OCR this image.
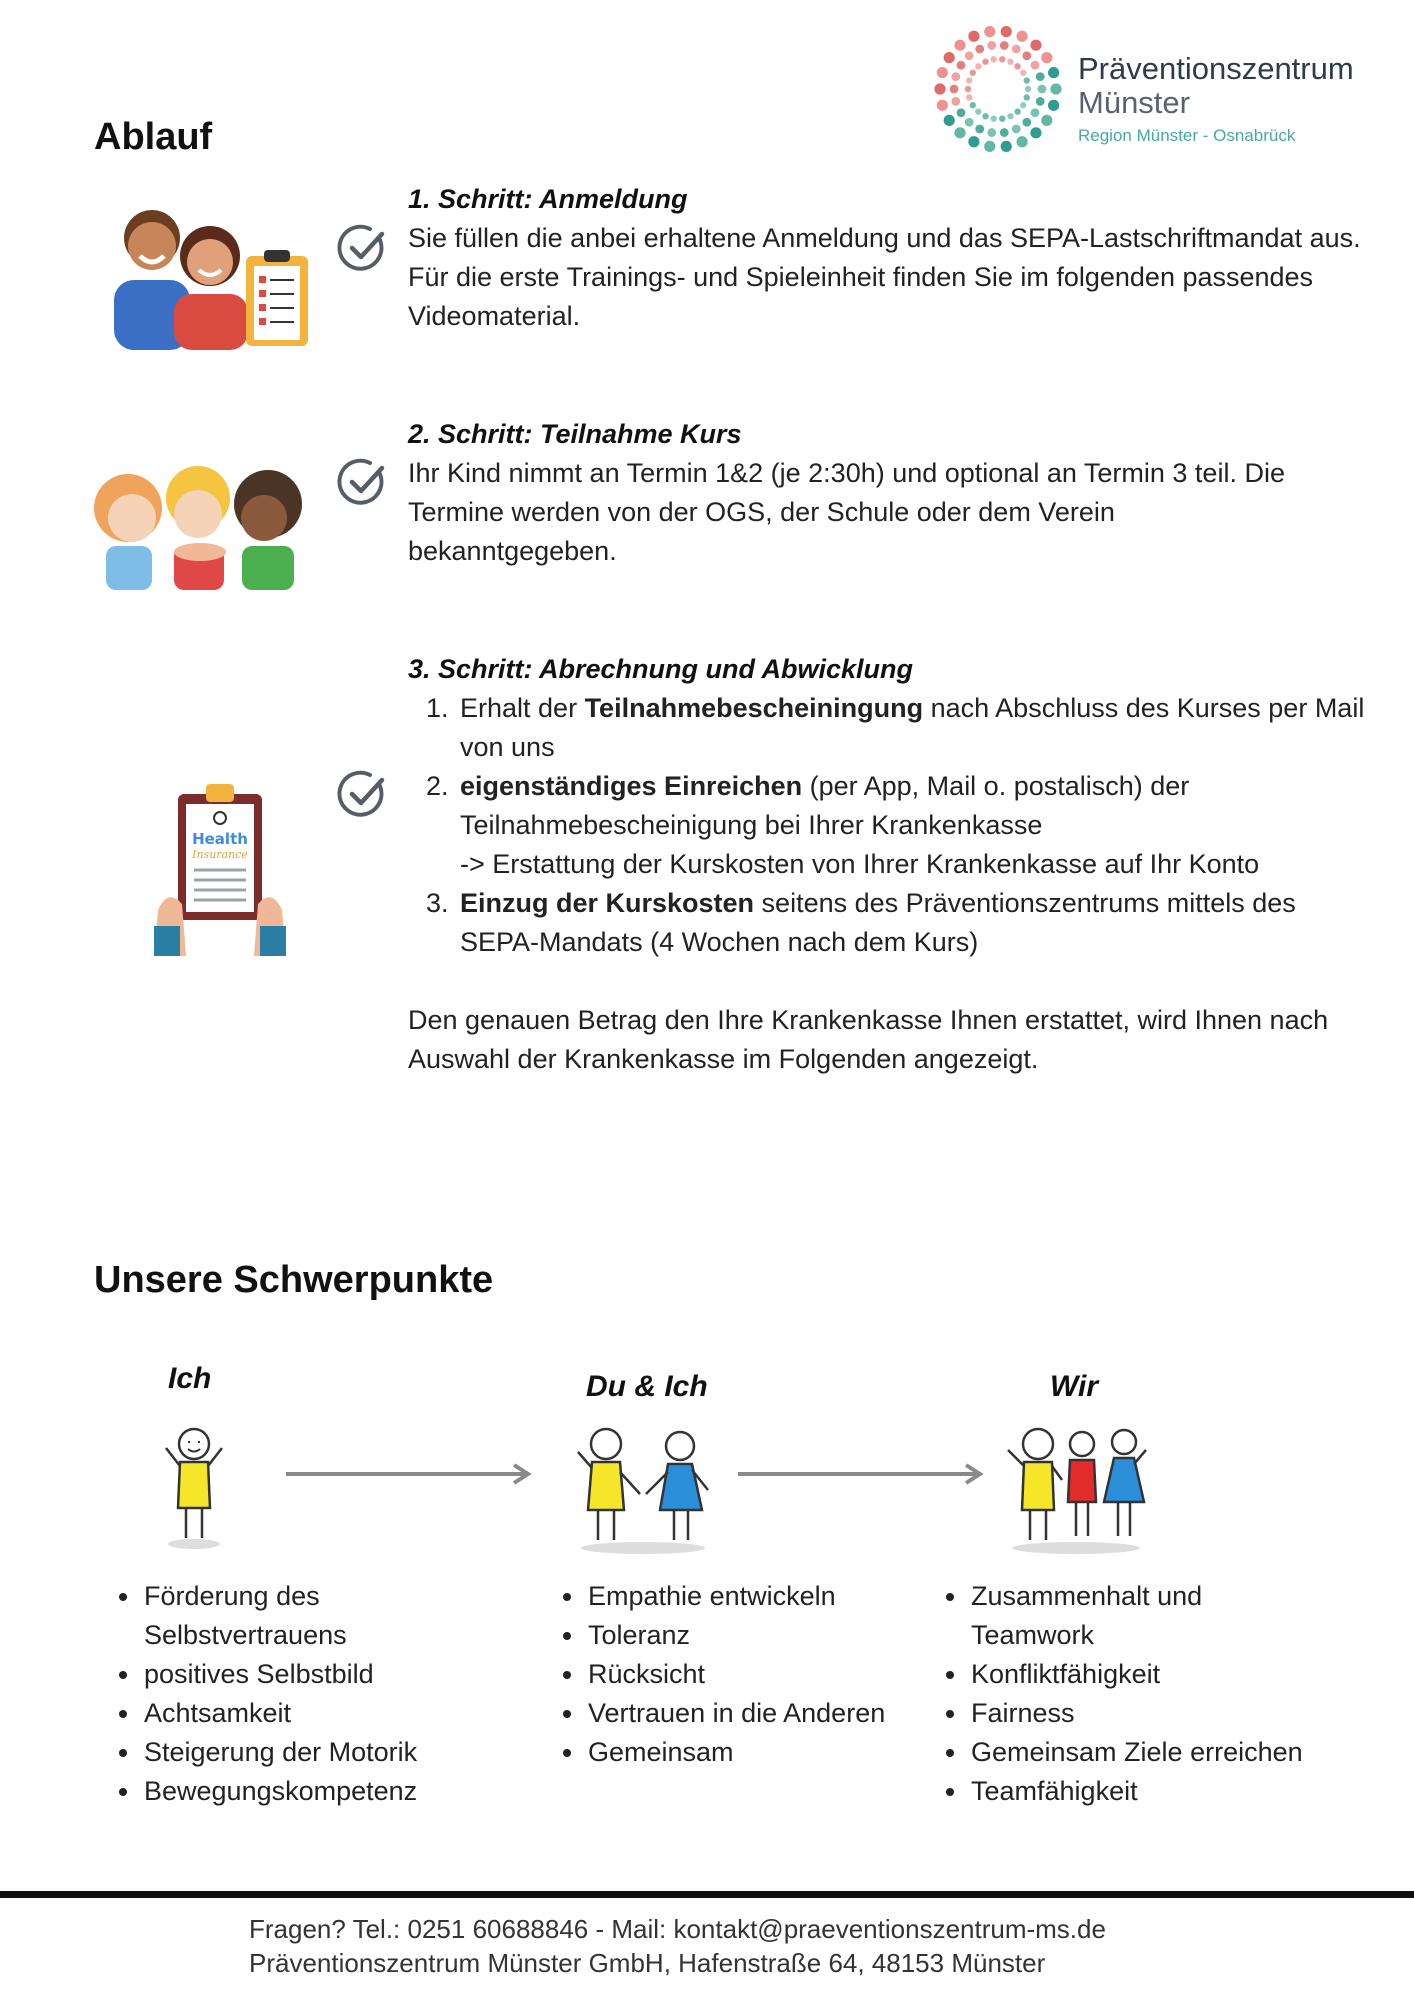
Präventionszentrum
Münster
Region Münster - Osnabrück
Ablauf
1. Schritt: Anmeldung
Sie füllen die anbei erhaltene Anmeldung und das SEPA-Lastschriftmandat aus. Für die erste Trainings- und Spieleinheit finden Sie im folgenden passendes Videomaterial.
2. Schritt: Teilnahme Kurs
Ihr Kind nimmt an Termin 1&2 (je 2:30h) und optional an Termin 3 teil. Die Termine werden von der OGS, der Schule oder dem Verein bekanntgegeben.
Health
Insurance
3. Schritt: Abrechnung und Abwicklung
1. Erhalt der Teilnahmebescheiningung nach Abschluss des Kurses per Mail von uns
2. eigenständiges Einreichen (per App, Mail o. postalisch) der Teilnahmebescheinigung bei Ihrer Krankenkasse
-> Erstattung der Kurskosten von Ihrer Krankenkasse auf Ihr Konto
3. Einzug der Kurskosten seitens des Präventionszentrums mittels des SEPA-Mandats (4 Wochen nach dem Kurs)
Den genauen Betrag den Ihre Krankenkasse Ihnen erstattet, wird Ihnen nach Auswahl der Krankenkasse im Folgenden angezeigt.
Unsere Schwerpunkte
Ich	Du & Ich	Wir
• Förderung des Selbstvertrauens
• positives Selbstbild
• Achtsamkeit
• Steigerung der Motorik
• Bewegungskompetenz
• Empathie entwickeln
• Toleranz
• Rücksicht
• Vertrauen in die Anderen
• Gemeinsam
• Zusammenhalt und Teamwork
• Konfliktfähigkeit
• Fairness
• Gemeinsam Ziele erreichen
• Teamfähigkeit
Fragen? Tel.: 0251 60688846 - Mail: kontakt@praeventionszentrum-ms.de
Präventionszentrum Münster GmbH, Hafenstraße 64, 48153 Münster
